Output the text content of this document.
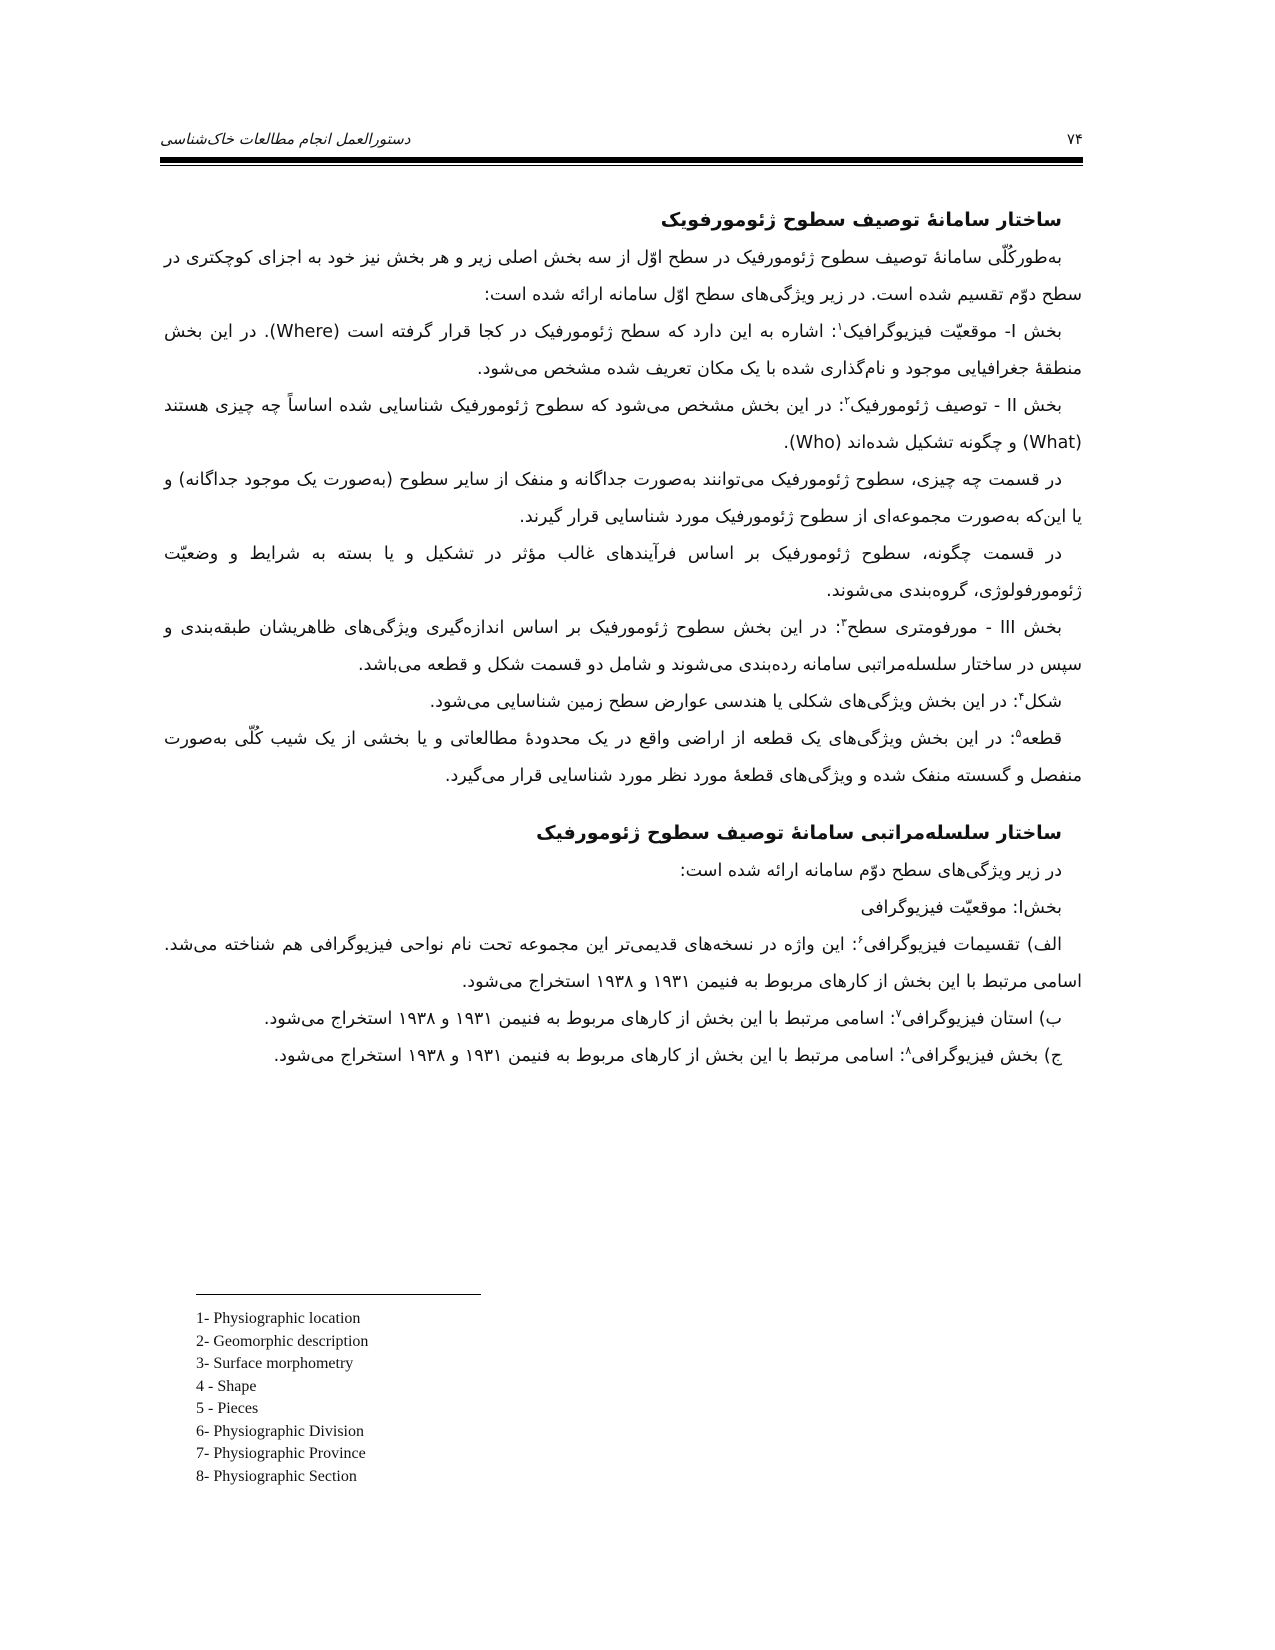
دستورالعمل انجام مطالعات خاک‌شناسی	۷۴
ساختار سامانهٔ توصیف سطوح ژئومورفویک

به‌طورکُلّی سامانهٔ توصیف سطوح ژئومورفیک در سطح اوّل از سه بخش اصلی زیر و هر بخش نیز خود به اجزای کوچکتری در سطح دوّم تقسیم شده است. در زیر ویژگی‌های سطح اوّل سامانه ارائه شده است:

بخش I- موقعیّت فیزیوگرافیک$^۱$: اشاره به این دارد که سطح ژئومورفیک در کجا قرار گرفته است (Where). در این بخش منطقهٔ جغرافیایی موجود و نام‌گذاری شده با یک مکان تعریف شده مشخص می‌شود.

بخش II - توصیف ژئومورفیک$^۲$: در این بخش مشخص می‌شود که سطوح ژئومورفیک شناسایی شده اساساً چه چیزی هستند (What) و چگونه تشکیل شده‌اند (Who).

در قسمت چه چیزی، سطوح ژئومورفیک می‌توانند به‌صورت جداگانه و منفک از سایر سطوح (به‌صورت یک موجود جداگانه) و یا این‌که به‌صورت مجموعه‌ای از سطوح ژئومورفیک مورد شناسایی قرار گیرند.

در قسمت چگونه، سطوح ژئومورفیک بر اساس فرآیندهای غالب مؤثر در تشکیل و یا بسته به شرایط و وضعیّت ژئومورفولوژی، گروه‌بندی می‌شوند.

بخش III - مورفومتری سطح$^۳$: در این بخش سطوح ژئومورفیک بر اساس اندازه‌گیری ویژگی‌های ظاهریشان طبقه‌بندی و سپس در ساختار سلسله‌مراتبی سامانه رده‌بندی می‌شوند و شامل دو قسمت شکل و قطعه می‌باشد.

شکل$^۴$: در این بخش ویژگی‌های شکلی یا هندسی عوارض سطح زمین شناسایی می‌شود.

قطعه$^۵$: در این بخش ویژگی‌های یک قطعه از اراضی واقع در یک محدودهٔ مطالعاتی و یا بخشی از یک شیب کُلّی به‌صورت منفصل و گسسته منفک شده و ویژگی‌های قطعهٔ مورد نظر مورد شناسایی قرار می‌گیرد.

ساختار سلسله‌مراتبی سامانهٔ توصیف سطوح ژئومورفیک

در زیر ویژگی‌های سطح دوّم سامانه ارائه شده است:

بخشI: موقعیّت فیزیوگرافی

الف) تقسیمات فیزیوگرافی$^۶$: این واژه در نسخه‌های قدیمی‌تر این مجموعه تحت نام نواحی فیزیوگرافی هم شناخته می‌شد. اسامی مرتبط با این بخش از کارهای مربوط به فنیمن ۱۹۳۱ و ۱۹۳۸ استخراج می‌شود.

ب) استان فیزیوگرافی$^۷$: اسامی مرتبط با این بخش از کارهای مربوط به فنیمن ۱۹۳۱ و ۱۹۳۸ استخراج می‌شود.

ج) بخش فیزیوگرافی$^۸$: اسامی مرتبط با این بخش از کارهای مربوط به فنیمن ۱۹۳۱ و ۱۹۳۸ استخراج می‌شود.

1- Physiographic location
2- Geomorphic description
3- Surface morphometry
4 - Shape
5 - Pieces
6- Physiographic Division
7- Physiographic Province
8- Physiographic Section
